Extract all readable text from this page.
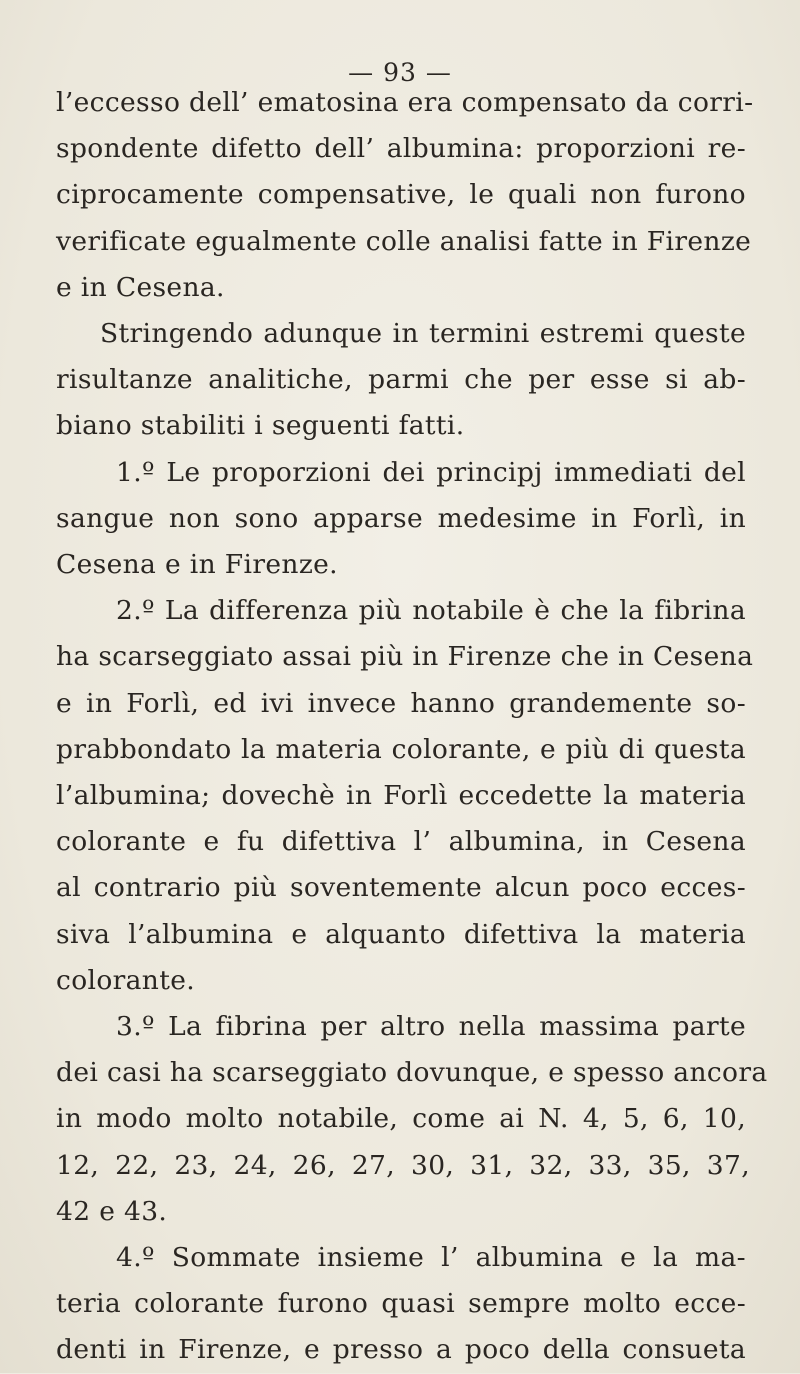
— 93 —
l’eccesso dell’ ematosina era compensato da corri-
spondente difetto dell’ albumina: proporzioni re-
ciprocamente compensative, le quali non furono
verificate egualmente colle analisi fatte in Firenze
e in Cesena.
Stringendo adunque in termini estremi queste
risultanze analitiche, parmi che per esse si ab-
biano stabiliti i seguenti fatti.
1.º Le proporzioni dei principj immediati del
sangue non sono apparse medesime in Forlì, in
Cesena e in Firenze.
2.º La differenza più notabile è che la fibrina
ha scarseggiato assai più in Firenze che in Cesena
e in Forlì, ed ivi invece hanno grandemente so-
prabbondato la materia colorante, e più di questa
l’albumina; dovechè in Forlì eccedette la materia
colorante e fu difettiva l’ albumina, in Cesena
al contrario più soventemente alcun poco ecces-
siva l’albumina e alquanto difettiva la materia
colorante.
3.º La fibrina per altro nella massima parte
dei casi ha scarseggiato dovunque, e spesso ancora
in modo molto notabile, come ai N. 4, 5, 6, 10,
12, 22, 23, 24, 26, 27, 30, 31, 32, 33, 35, 37,
42 e 43.
4.º Sommate insieme l’ albumina e la ma-
teria colorante furono quasi sempre molto ecce-
denti in Firenze, e presso a poco della consueta
